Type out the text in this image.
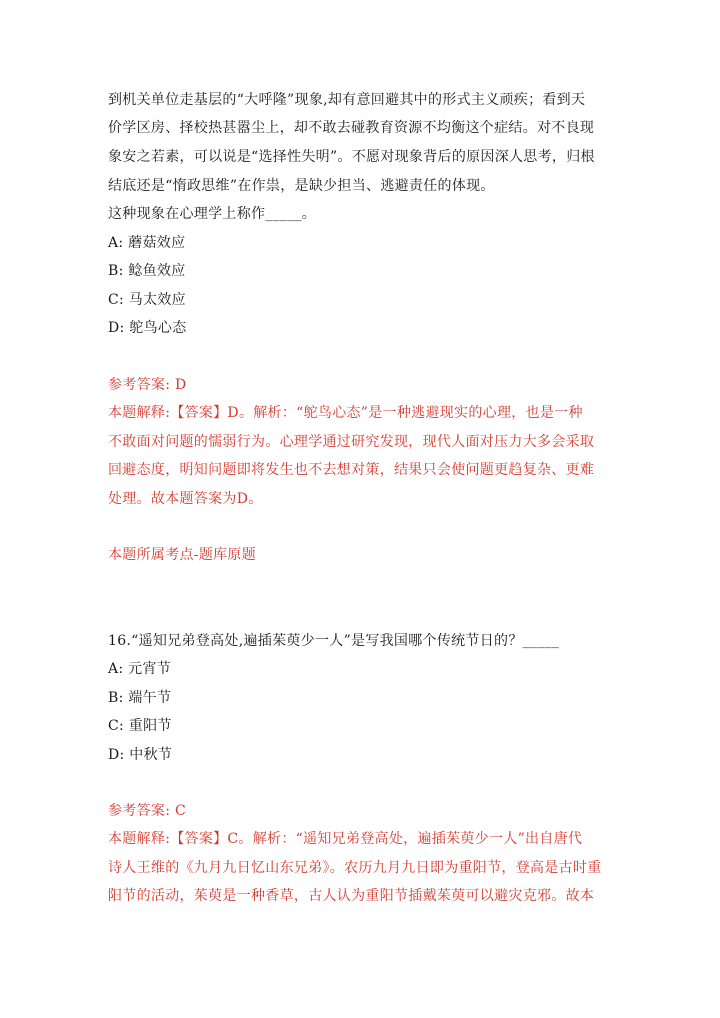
到机关单位走基层的“大呼隆”现象,却有意回避其中的形式主义顽疾；看到天
价学区房、择校热甚嚣尘上，却不敢去碰教育资源不均衡这个症结。对不良现
象安之若素，可以说是“选择性失明”。不愿对现象背后的原因深人思考，归根
结底还是“惰政思维”在作祟，是缺少担当、逃避责任的体现。
这种现象在心理学上称作_____。
A: 蘑菇效应
B: 鲶鱼效应
C: 马太效应
D: 鸵鸟心态
参考答案: D
本题解释:【答案】D。解析：“鸵鸟心态”是一种逃避现实的心理，也是一种
不敢面对问题的懦弱行为。心理学通过研究发现，现代人面对压力大多会采取
回避态度，明知问题即将发生也不去想对策，结果只会使问题更趋复杂、更难
处理。故本题答案为D。
本题所属考点-题库原题
16.“遥知兄弟登高处,遍插茱萸少一人”是写我国哪个传统节日的？_____
A: 元宵节
B: 端午节
C: 重阳节
D: 中秋节
参考答案: C
本题解释:【答案】C。解析：“遥知兄弟登高处，遍插茱萸少一人”出自唐代
诗人王维的《九月九日忆山东兄弟》。农历九月九日即为重阳节，登高是古时重
阳节的活动，茱萸是一种香草，古人认为重阳节插戴茱萸可以避灾克邪。故本
